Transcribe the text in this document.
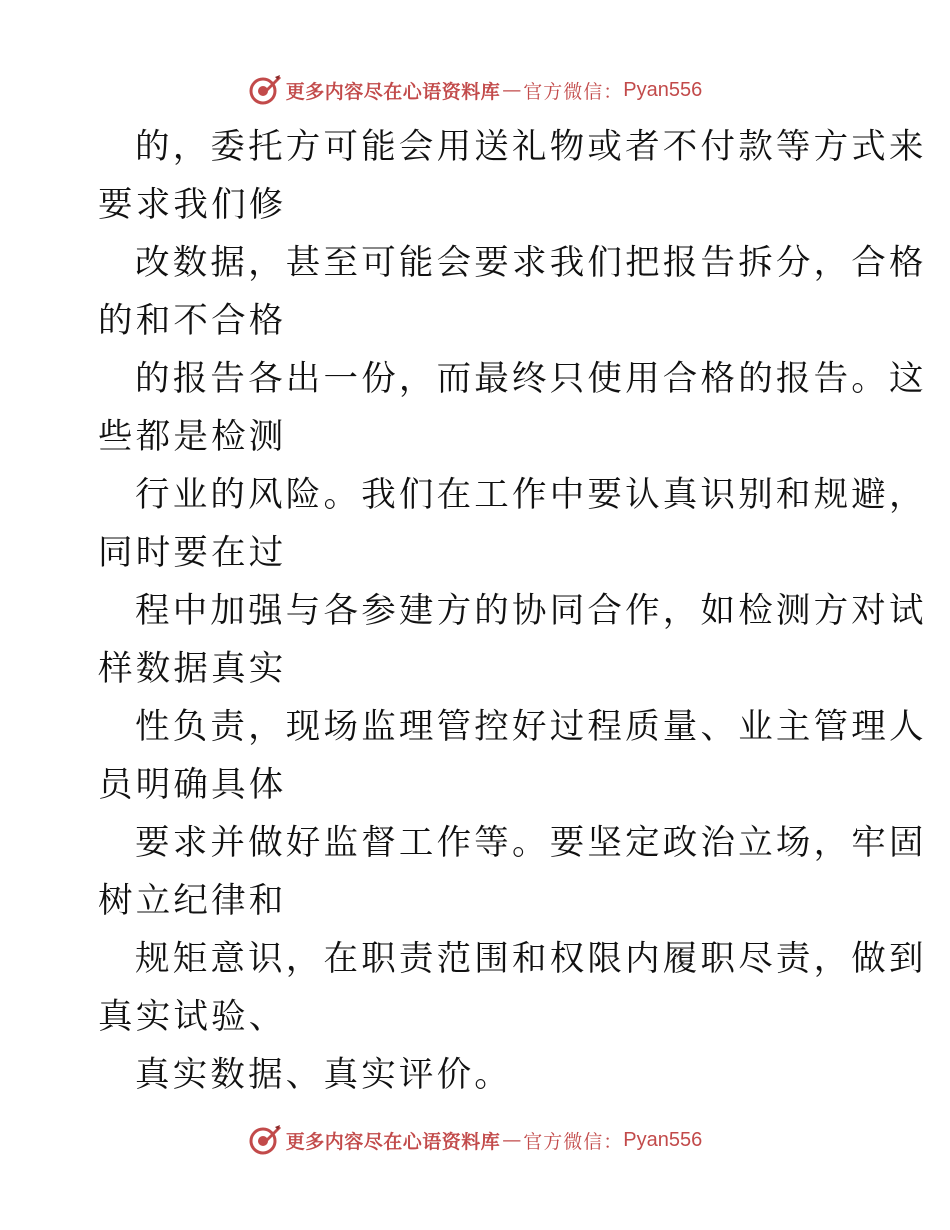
更多内容尽在心语资料库 — 官方微信： Pyan556
的，委托方可能会用送礼物或者不付款等方式来
要求我们修
改数据，甚至可能会要求我们把报告拆分，合格
的和不合格
的报告各出一份，而最终只使用合格的报告。这
些都是检测
行业的风险。我们在工作中要认真识别和规避，
同时要在过
程中加强与各参建方的协同合作，如检测方对试
样数据真实
性负责，现场监理管控好过程质量、业主管理人
员明确具体
要求并做好监督工作等。要坚定政治立场，牢固
树立纪律和
规矩意识，在职责范围和权限内履职尽责，做到
真实试验、
真实数据、真实评价。
更多内容尽在心语资料库 — 官方微信： Pyan556
